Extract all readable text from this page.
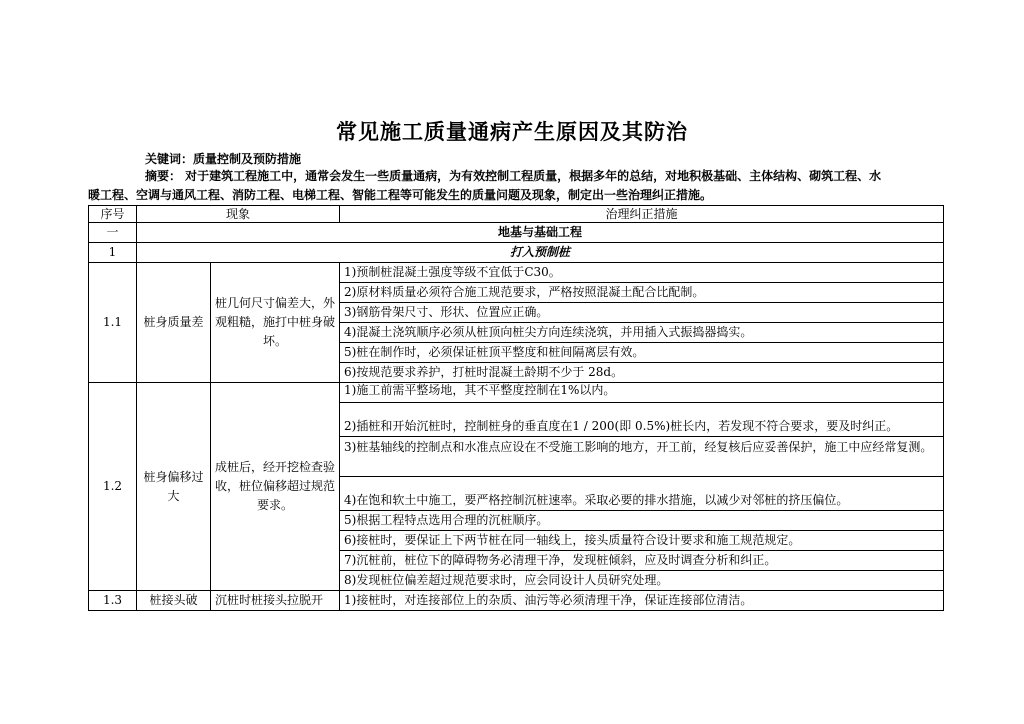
常见施工质量通病产生原因及其防治
关键词：质量控制及预防措施
摘要： 对于建筑工程施工中，通常会发生一些质量通病，为有效控制工程质量，根据多年的总结，对地积极基础、主体结构、砌筑工程、水
暖工程、空调与通风工程、消防工程、电梯工程、智能工程等可能发生的质量问题及现象，制定出一些治理纠正措施。
序号	现象		治理纠正措施
一	地基与基础工程		
1	打入预制桩		
1.1	桩身质量差	桩几何尺寸偏差大，外观粗糙，施打中桩身破坏。	1)预制桩混凝土强度等级不宜低于C30。
			2)原材料质量必须符合施工规范要求，严格按照混凝土配合比配制。
			3)钢筋骨架尺寸、形状、位置应正确。
			4)混凝土浇筑顺序必须从桩顶向桩尖方向连续浇筑，并用插入式振捣器捣实。
			5)桩在制作时，必须保证桩顶平整度和桩间隔离层有效。
			6)按规范要求养护，打桩时混凝土龄期不少于 28d。
1.2	桩身偏移过大	成桩后，经开挖检查验收，桩位偏移超过规范要求。	1)施工前需平整场地，其不平整度控制在1%以内。
			2)插桩和开始沉桩时，控制桩身的垂直度在1 / 200(即 0.5%)桩长内，若发现不符合要求，要及时纠正。
			3)桩基轴线的控制点和水准点应设在不受施工影响的地方，开工前，经复核后应妥善保护，施工中应经常复测。
			4)在饱和软土中施工，要严格控制沉桩速率。采取必要的排水措施，以减少对邻桩的挤压偏位。
			5)根据工程特点选用合理的沉桩顺序。
			6)接桩时，要保证上下两节桩在同一轴线上，接头质量符合设计要求和施工规范规定。
			7)沉桩前，桩位下的障碍物务必清理干净，发现桩倾斜，应及时调查分析和纠正。
			8)发现桩位偏差超过规范要求时，应会同设计人员研究处理。
1.3	桩接头破	沉桩时桩接头拉脱开	1)接桩时，对连接部位上的杂质、油污等必须清理干净，保证连接部位清洁。
